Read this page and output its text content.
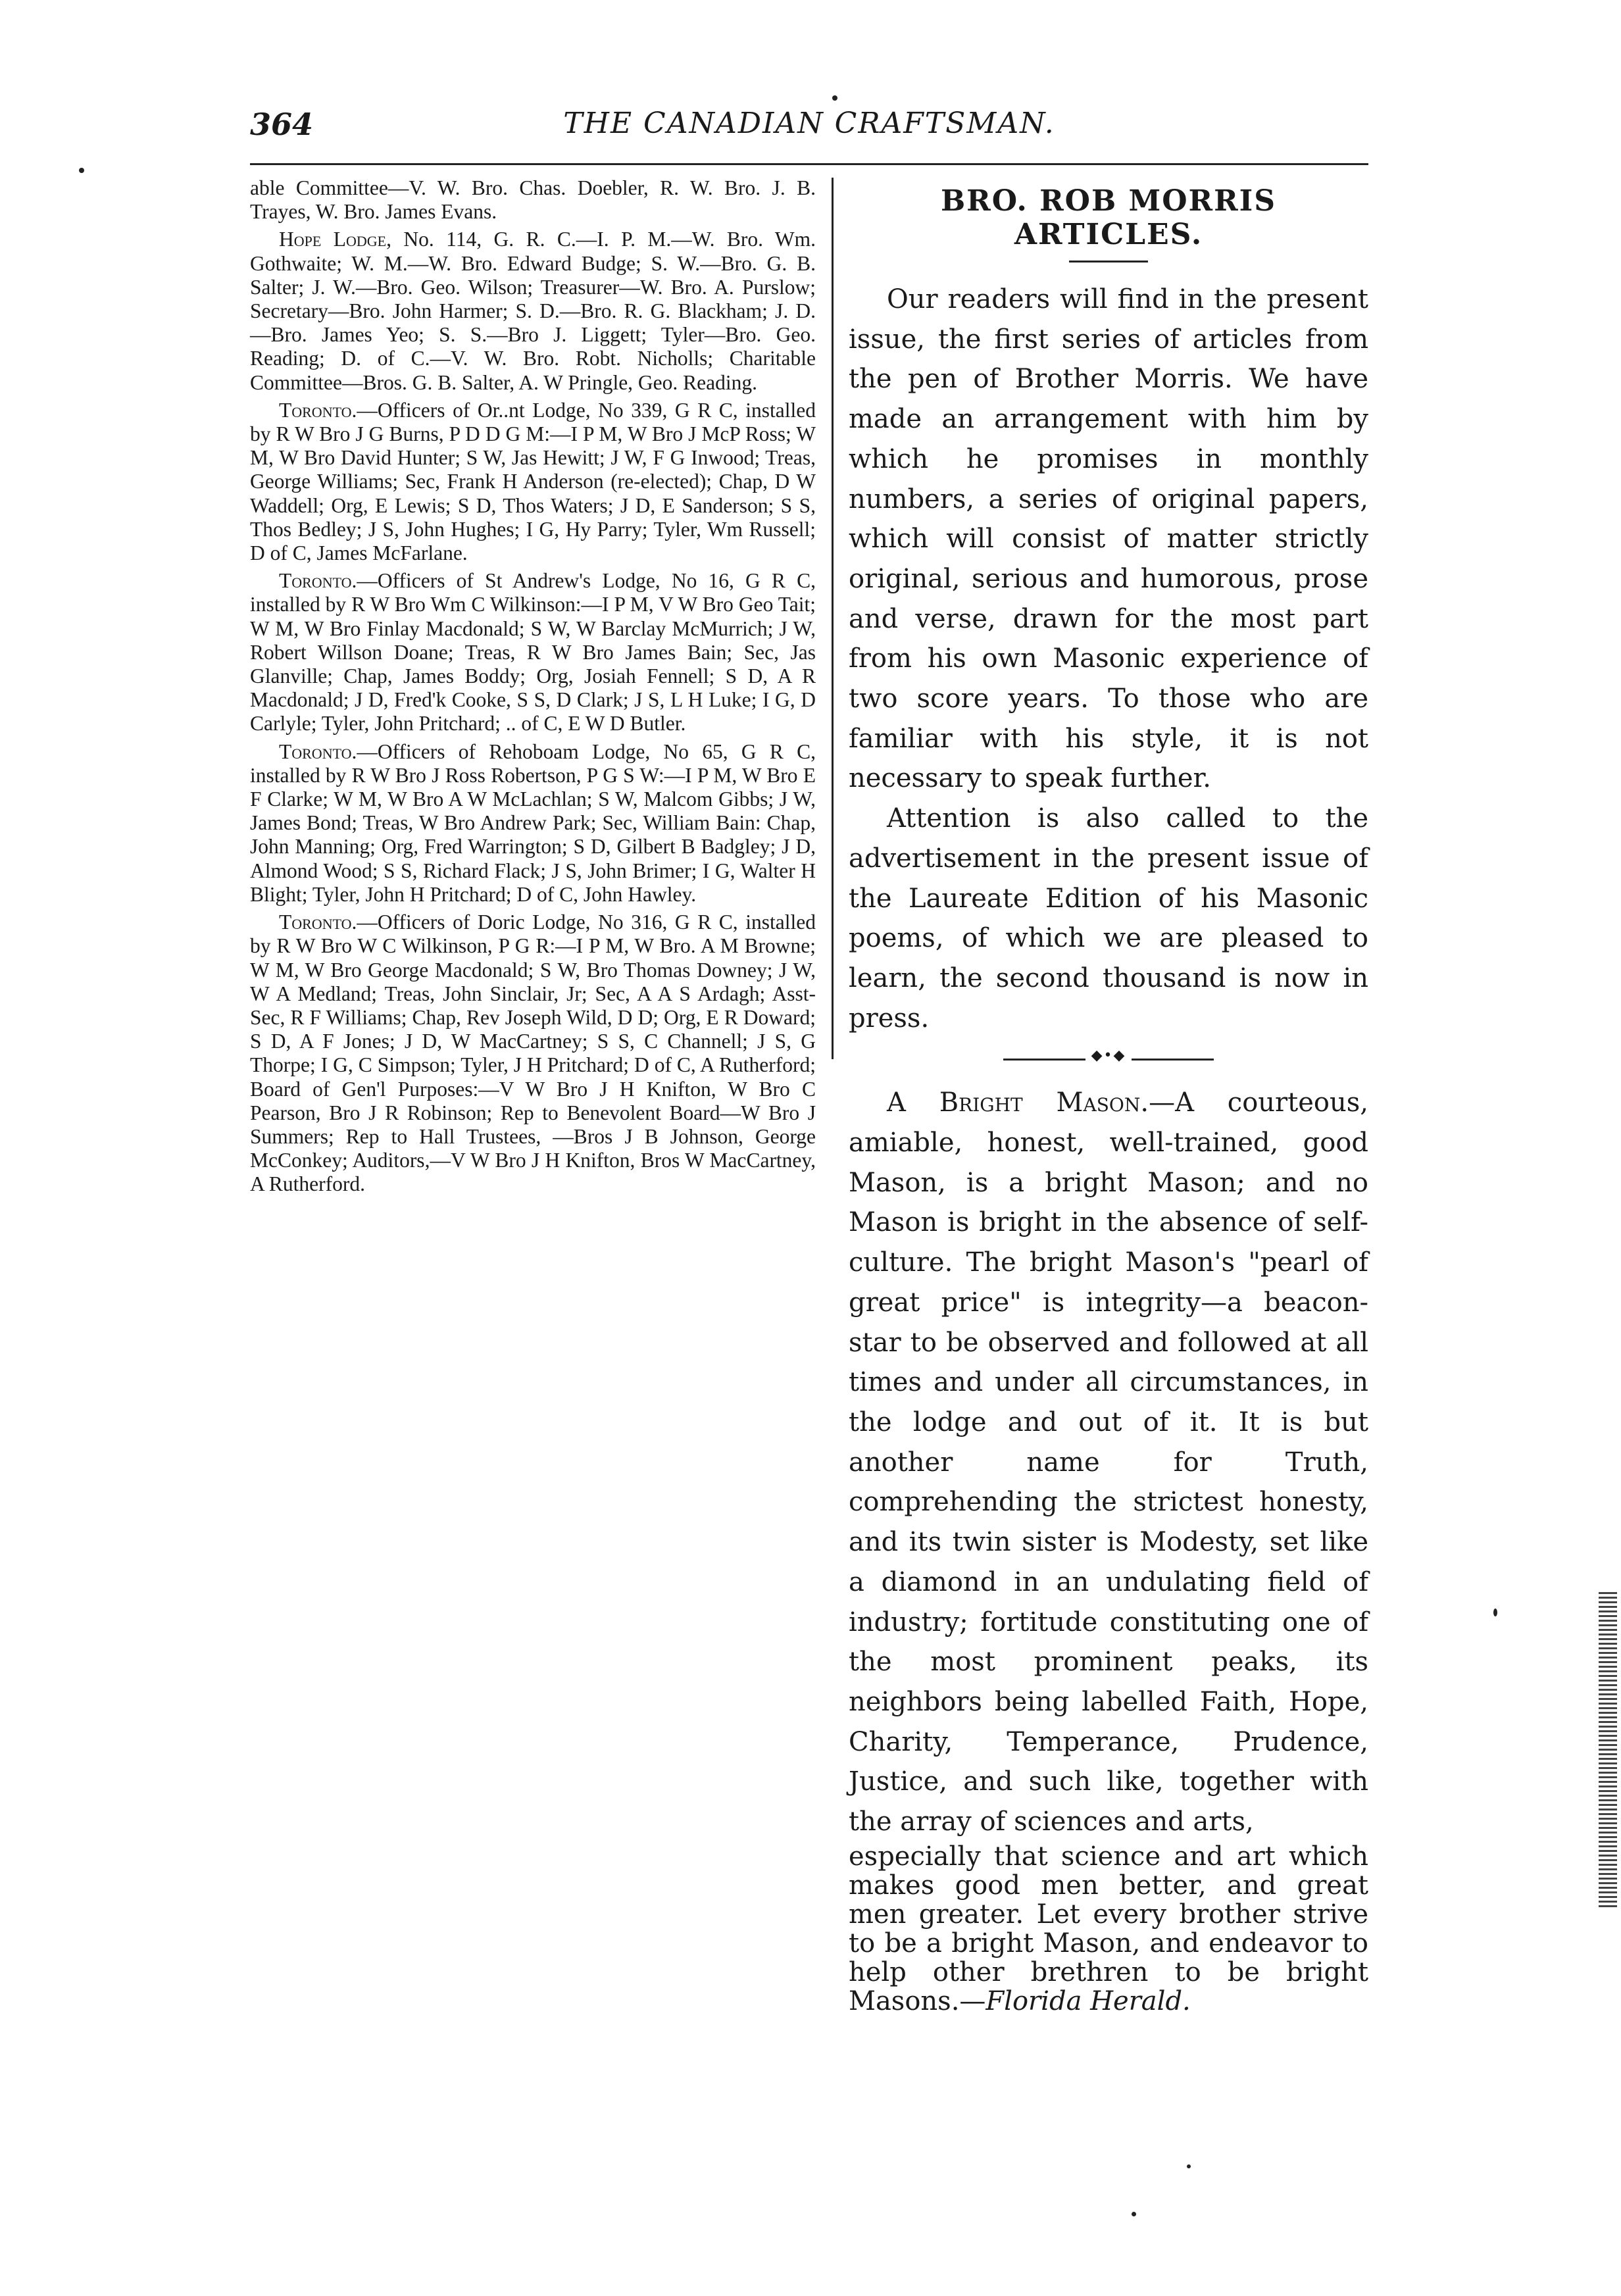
364	THE CANADIAN CRAFTSMAN.

able Committee—V. W. Bro. Chas. Doebler, R. W. Bro. J. B. Trayes, W. Bro. James Evans.

Hope Lodge, No. 114, G. R. C.—I. P. M.—W. Bro. Wm. Gothwaite; W. M.—W. Bro. Edward Budge; S. W.—Bro. G. B. Salter; J. W.—Bro. Geo. Wilson; Treasurer—W. Bro. A. Purslow; Secretary—Bro. John Harmer; S. D.—Bro. R. G. Blackham; J. D.—Bro. James Yeo; S. S.—Bro J. Liggett; Tyler—Bro. Geo. Reading; D. of C.—V. W. Bro. Robt. Nicholls; Charitable Committee—Bros. G. B. Salter, A. W Pringle, Geo. Reading.

Toronto.—Officers of Or..nt Lodge, No 339, G R C, installed by R W Bro J G Burns, P D D G M:—I P M, W Bro J McP Ross; W M, W Bro David Hunter; S W, Jas Hewitt; J W, F G Inwood; Treas, George Williams; Sec, Frank H Anderson (re-elected); Chap, D W Waddell; Org, E Lewis; S D, Thos Waters; J D, E Sanderson; S S, Thos Bedley; J S, John Hughes; I G, Hy Parry; Tyler, Wm Russell; D of C, James McFarlane.

Toronto.—Officers of St Andrew's Lodge, No 16, G R C, installed by R W Bro Wm C Wilkinson:—I P M, V W Bro Geo Tait; W M, W Bro Finlay Macdonald; S W, W Barclay McMurrich; J W, Robert Willson Doane; Treas, R W Bro James Bain; Sec, Jas Glanville; Chap, James Boddy; Org, Josiah Fennell; S D, A R Macdonald; J D, Fred'k Cooke, S S, D Clark; J S, L H Luke; I G, D Carlyle; Tyler, John Pritchard; .. of C, E W D Butler.

Toronto.—Officers of Rehoboam Lodge, No 65, G R C, installed by R W Bro J Ross Robertson, P G S W:—I P M, W Bro E F Clarke; W M, W Bro A W McLachlan; S W, Malcom Gibbs; J W, James Bond; Treas, W Bro Andrew Park; Sec, William Bain: Chap, John Manning; Org, Fred Warrington; S D, Gilbert B Badgley; J D, Almond Wood; S S, Richard Flack; J S, John Brimer; I G, Walter H Blight; Tyler, John H Pritchard; D of C, John Hawley.

Toronto.—Officers of Doric Lodge, No 316, G R C, installed by R W Bro W C Wilkinson, P G R:—I P M, W Bro. A M Browne; W M, W Bro George Macdonald; S W, Bro Thomas Downey; J W, W A Medland; Treas, John Sinclair, Jr; Sec, A A S Ardagh; Asst-Sec, R F Williams; Chap, Rev Joseph Wild, D D; Org, E R Doward; S D, A F Jones; J D, W MacCartney; S S, C Channell; J S, G Thorpe; I G, C Simpson; Tyler, J H Pritchard; D of C, A Rutherford; Board of Gen'l Purposes:—V W Bro J H Knifton, W Bro C Pearson, Bro J R Robinson; Rep to Benevolent Board—W Bro J Summers; Rep to Hall Trustees, —Bros J B Johnson, George McConkey; Auditors,—V W Bro J H Knifton, Bros W MacCartney, A Rutherford.

BRO. ROB MORRIS ARTICLES.

Our readers will find in the present issue, the first series of articles from the pen of Brother Morris. We have made an arrangement with him by which he promises in monthly numbers, a series of original papers, which will consist of matter strictly original, serious and humorous, prose and verse, drawn for the most part from his own Masonic experience of two score years. To those who are familiar with his style, it is not necessary to speak further.

Attention is also called to the advertisement in the present issue of the Laureate Edition of his Masonic poems, of which we are pleased to learn, the second thousand is now in press.

◆•◆

A Bright Mason.—A courteous, amiable, honest, well-trained, good Mason, is a bright Mason; and no Mason is bright in the absence of self-culture. The bright Mason's "pearl of great price" is integrity—a beacon-star to be observed and followed at all times and under all circumstances, in the lodge and out of it. It is but another name for Truth, comprehending the strictest honesty, and its twin sister is Modesty, set like a diamond in an undulating field of industry; fortitude constituting one of the most prominent peaks, its neighbors being labelled Faith, Hope, Charity, Temperance, Prudence, Justice, and such like, together with the array of sciences and arts,

especially that science and art which makes good men better, and great men greater. Let every brother strive to be a bright Mason, and endeavor to help other brethren to be bright Masons.—Florida Herald.
